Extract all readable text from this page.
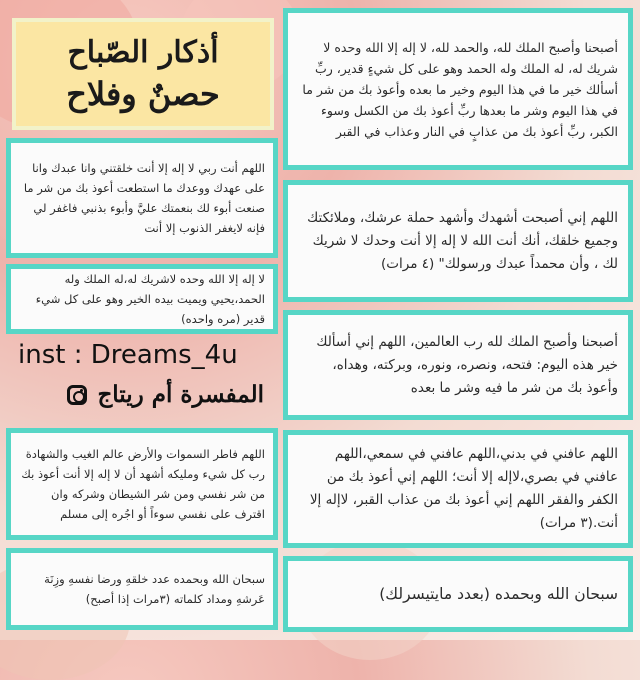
أذكار الصّباح
حصنٌ وفلاح

أصبحنا وأصبح الملك لله، والحمد لله، لا إله إلا الله وحده لا شريك له، له الملك وله الحمد وهو على كل شيءٍ قدير، ربِّ أسألك خير ما في هذا اليوم وخير ما بعده وأعوذ بك من شر ما في هذا اليوم وشر ما بعدها ربِّ أعوذ بك من الكسل وسوء الكبر، ربِّ أعوذ بك من عذابٍ في النار وعذاب في القبر

اللهم إني أصبحت أشهدك وأشهد حملة عرشك، وملائكتك وجميع خلقك، أنك أنت الله لا إله إلا أنت وحدك لا شريك لك ، وأن محمداً عبدك ورسولك" (٤ مرات)

أصبحنا وأصبح الملك لله رب العالمين، اللهم إني أسألك خير هذه اليوم: فتحه، ونصره، ونوره، وبركته، وهداه، وأعوذ بك من شر ما فيه وشر ما بعده

اللهم عافني في بدني،اللهم عافني في سمعي،اللهم عافني في بصري،لاإله إلا أنت؛ اللهم إني أعوذ بك من الكفر والفقر اللهم إني أعوذ بك من عذاب القبر، لاإله إلا أنت.(٣ مرات)

سبحان الله وبحمده (بعدد مايتيسرلك)

اللهم أنت ربي لا إله إلا أنت خلقتني وانا عبدك وانا على عهدك ووعدك ما استطعت أعوذ بك من شر ما صنعت أبوء لك بنعمتك عليَّ وأبوء بذنبي فاغفر لي فإنه لايغفر الذنوب إلا أنت

لا إله إلا الله وحده لاشريك له،له الملك وله الحمد،يحيي ويميت بيده الخير وهو على كل شيء قدير (مره واحده)

inst : Dreams_4u
المفسرة أم ريتاج

اللهم فاطر السموات والأرض عالم الغيب والشهادة رب كل شيء ومليكه أشهد أن لا إله إلا أنت أعوذ بك من شر نفسي ومن شر الشيطان وشركه وان اقترف على نفسي سوءاً أو اجُره إلى مسلم

سبحان الله وبحمده عدد خلقهِ ورضا نفسهِ وزِنَة عَرشهِ ومداد كلماته (٣مرات إذا أصبح)
